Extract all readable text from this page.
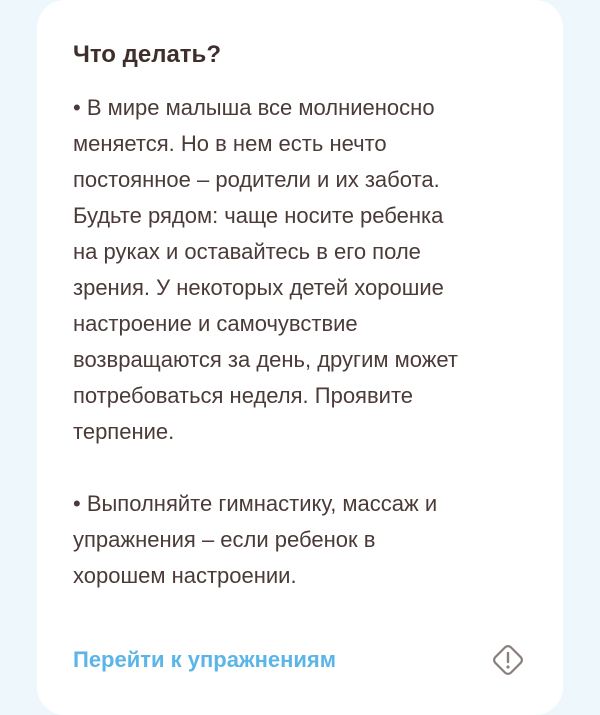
Что делать?

• В мире малыша все молниеносно
меняется. Но в нем есть нечто
постоянное – родители и их забота.
Будьте рядом: чаще носите ребенка
на руках и оставайтесь в его поле
зрения. У некоторых детей хорошие
настроение и самочувствие
возвращаются за день, другим может
потребоваться неделя. Проявите
терпение.

• Выполняйте гимнастику, массаж и
упражнения – если ребенок в
хорошем настроении.

Перейти к упражнениям
